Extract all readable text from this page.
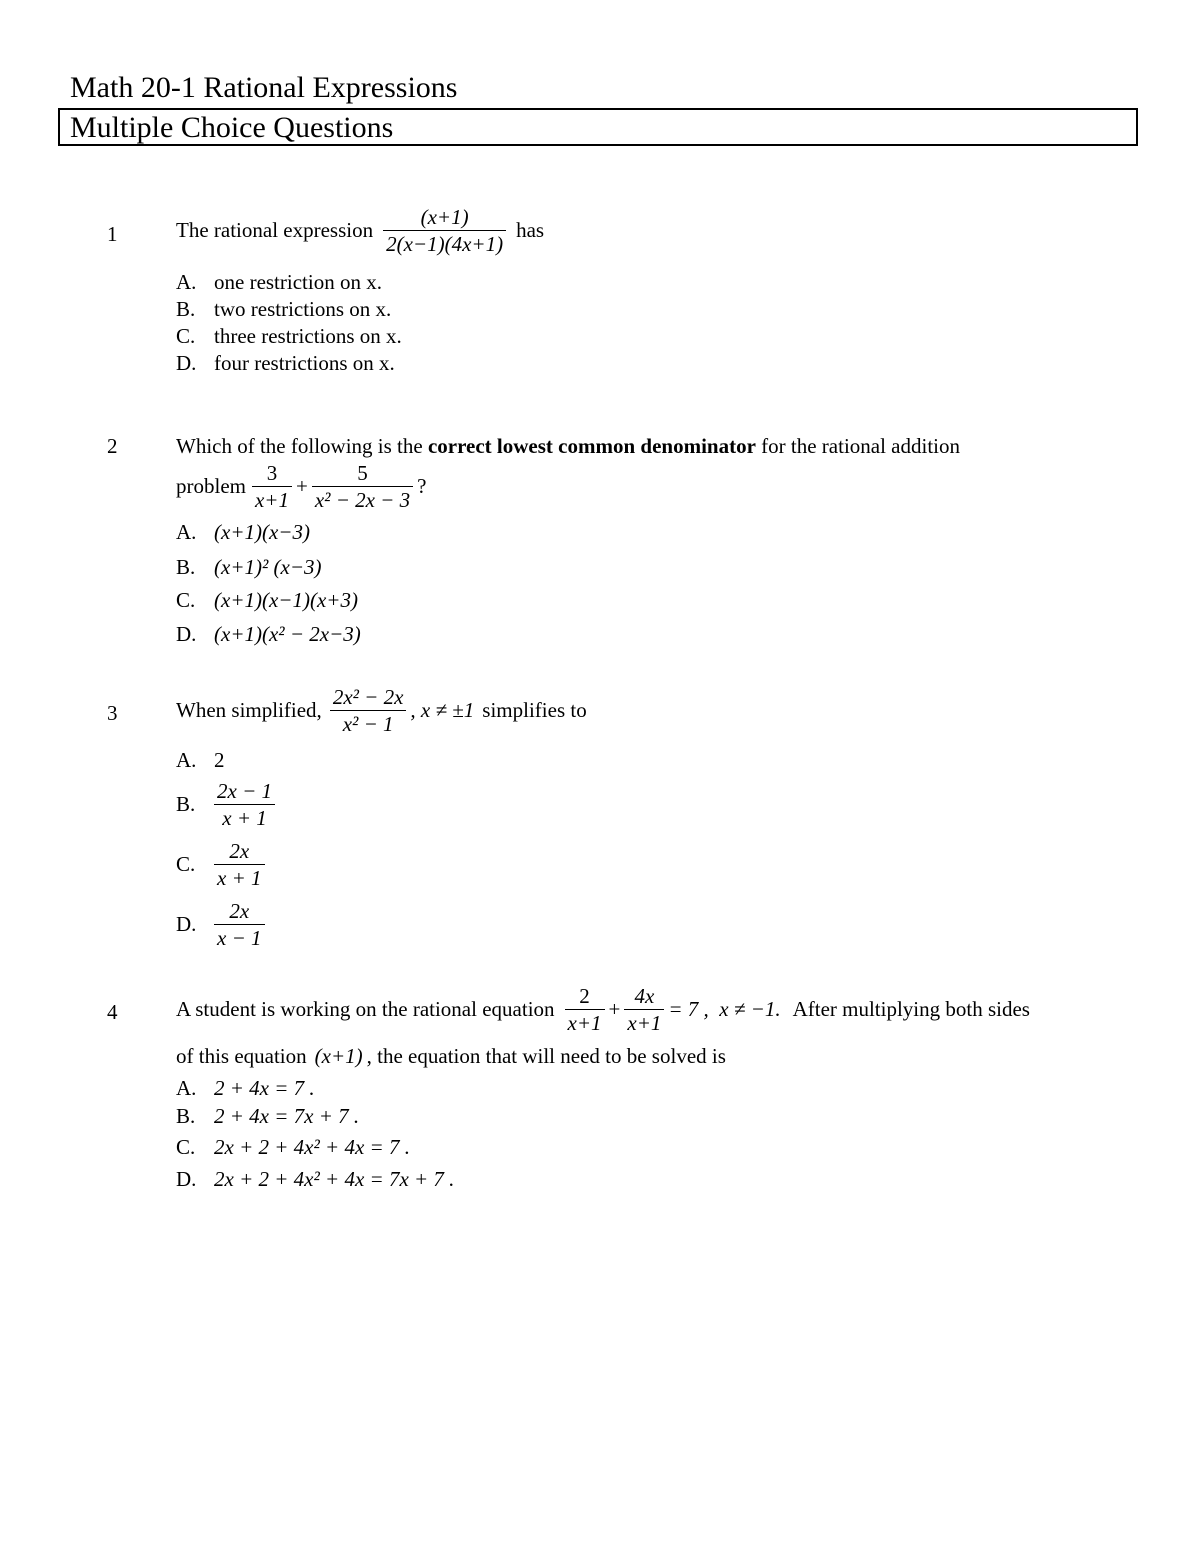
Math 20-1 Rational Expressions
Multiple Choice Questions
1	The rational expression $\frac{(x+1)}{2(x-1)(4x+1)}$ has
A. one restriction on x.
B. two restrictions on x.
C. three restrictions on x.
D. four restrictions on x.
2	Which of the following is the correct lowest common denominator for the rational addition
problem $\frac{3}{x+1} + \frac{5}{\text{x² − 2x − 3}}$ ?
A. (x+1)(x−3)
B. (x+1)² (x−3)
C. (x+1)(x−1)(x+3)
D. (x+1)(x² − 2x−3)
3	When simplified, $\frac{\text{2x² − 2x}}{\text{x² − 1}}$ , x ≠ ±1 simplifies to
A. 2
B. $\frac{2x - 1}{x + 1}$
C. $\frac{2x}{x + 1}$
D. $\frac{2x}{x - 1}$
4	A student is working on the rational equation $\frac{2}{x+1} + \frac{4x}{x+1} = 7$ ,  x ≠ −1. After multiplying both sides
of this equation (x+1) , the equation that will need to be solved is
A. 2 + 4x = 7 .
B. 2 + 4x = 7x + 7 .
C. 2x + 2 + 4x² + 4x = 7 .
D. 2x + 2 + 4x² + 4x = 7x + 7 .
